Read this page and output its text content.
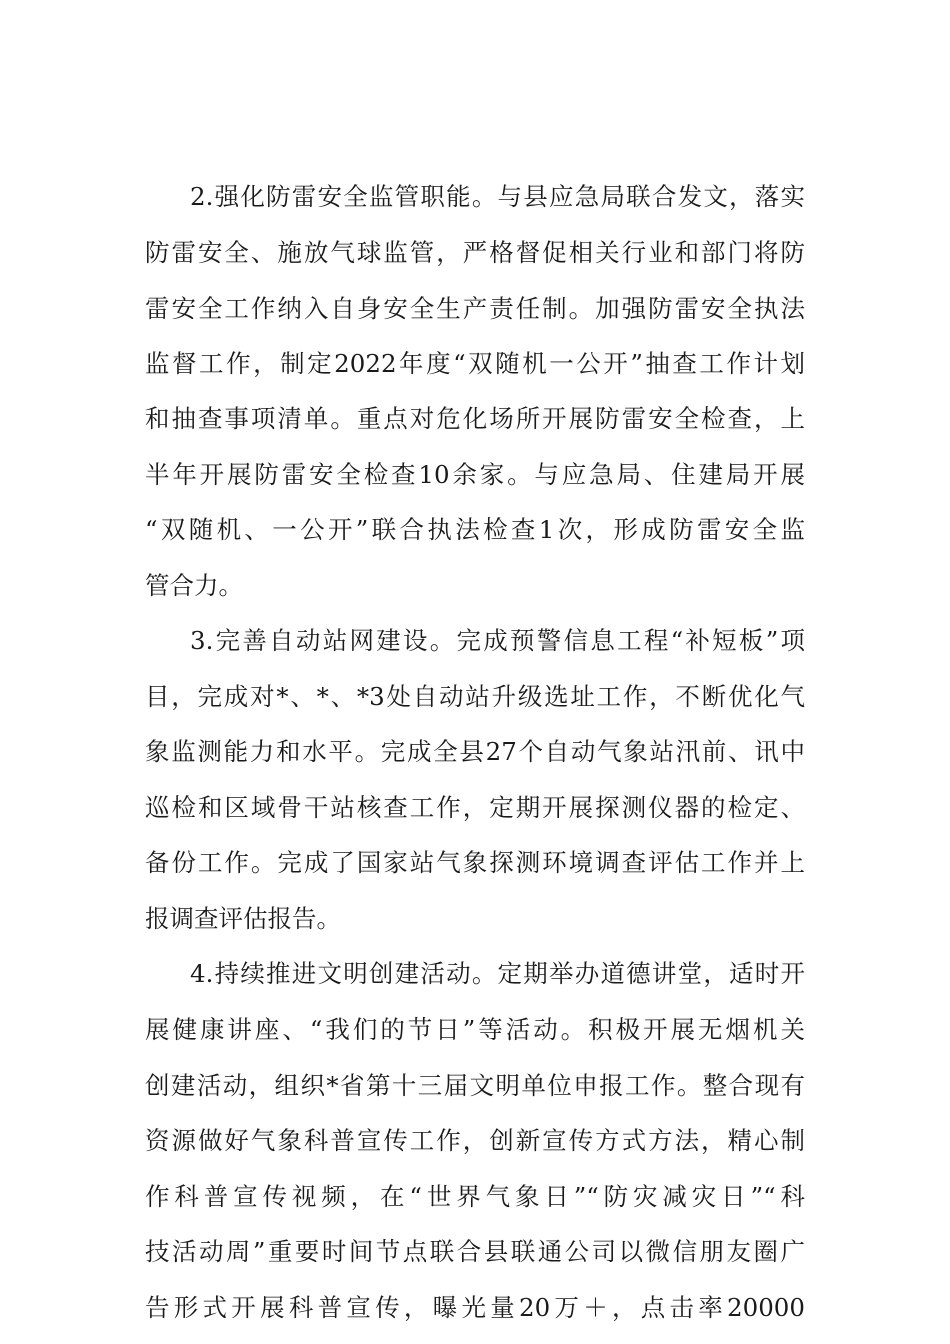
2.强化防雷安全监管职能。与县应急局联合发文，落实
防雷安全、施放气球监管，严格督促相关行业和部门将防
雷安全工作纳入自身安全生产责任制。加强防雷安全执法
监督工作，制定2022年度“双随机一公开”抽查工作计划
和抽查事项清单。重点对危化场所开展防雷安全检查，上
半年开展防雷安全检查10余家。与应急局、住建局开展
“双随机、一公开”联合执法检查1次，形成防雷安全监
管合力。
3.完善自动站网建设。完成预警信息工程“补短板”项
目，完成对*、*、*3处自动站升级选址工作，不断优化气
象监测能力和水平。完成全县27个自动气象站汛前、讯中
巡检和区域骨干站核查工作，定期开展探测仪器的检定、
备份工作。完成了国家站气象探测环境调查评估工作并上
报调查评估报告。
4.持续推进文明创建活动。定期举办道德讲堂，适时开
展健康讲座、“我们的节日”等活动。积极开展无烟机关
创建活动，组织*省第十三届文明单位申报工作。整合现有
资源做好气象科普宣传工作，创新宣传方式方法，精心制
作科普宣传视频，在“世界气象日”“防灾减灾日”“科
技活动周”重要时间节点联合县联通公司以微信朋友圈广
告形式开展科普宣传，曝光量20万＋，点击率20000
